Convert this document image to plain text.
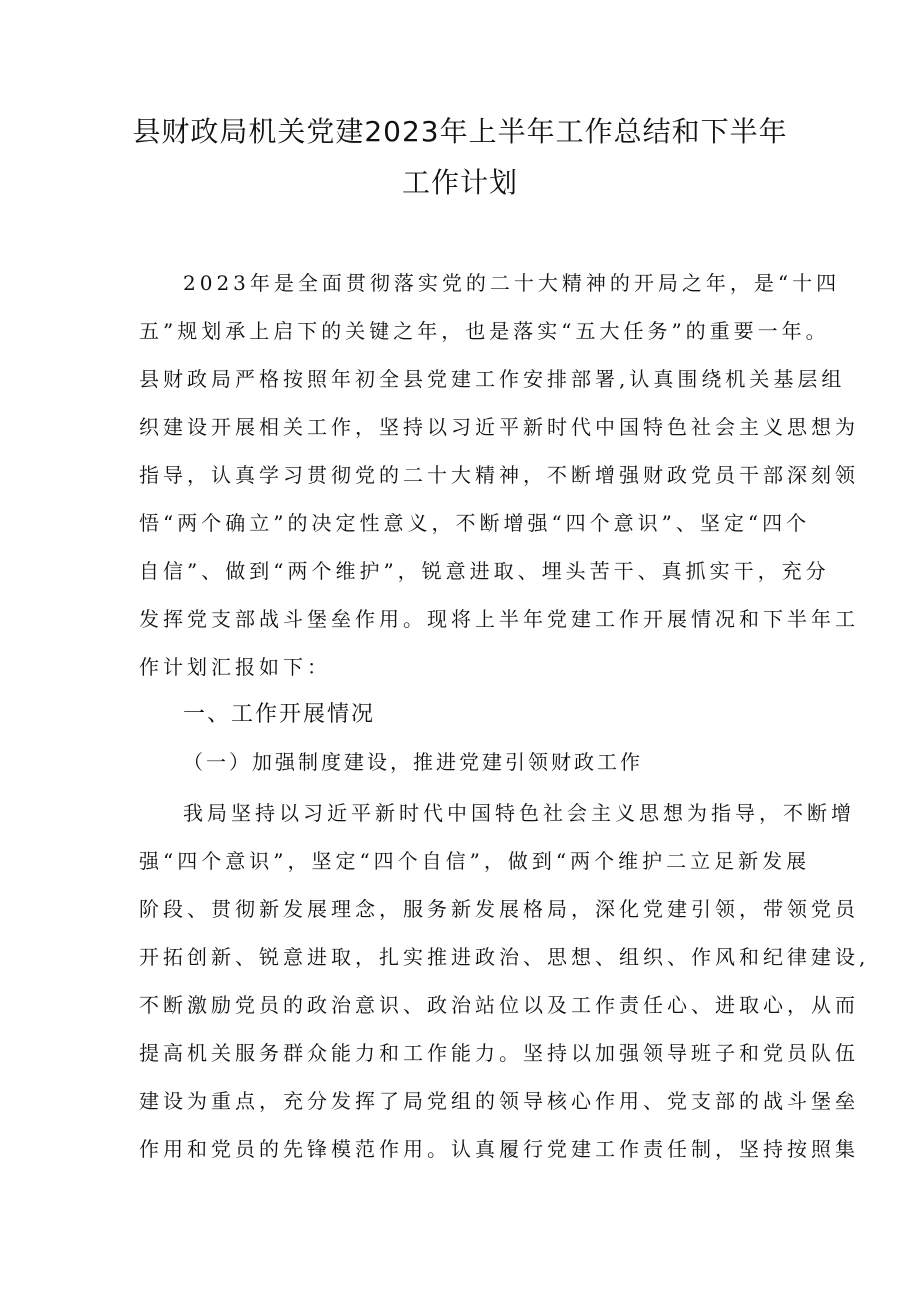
县财政局机关党建2023年上半年工作总结和下半年
工作计划
2023年是全面贯彻落实党的二十大精神的开局之年，是“十四
五”规划承上启下的关键之年，也是落实“五大任务”的重要一年。
县财政局严格按照年初全县党建工作安排部署,认真围绕机关基层组
织建设开展相关工作，坚持以习近平新时代中国特色社会主义思想为
指导，认真学习贯彻党的二十大精神，不断增强财政党员干部深刻领
悟“两个确立”的决定性意义，不断增强“四个意识”、坚定“四个
自信”、做到“两个维护”，锐意进取、埋头苦干、真抓实干，充分
发挥党支部战斗堡垒作用。现将上半年党建工作开展情况和下半年工
作计划汇报如下：
一、工作开展情况
（一）加强制度建设，推进党建引领财政工作
我局坚持以习近平新时代中国特色社会主义思想为指导，不断增
强“四个意识”，坚定“四个自信”，做到“两个维护二立足新发展
阶段、贯彻新发展理念，服务新发展格局，深化党建引领，带领党员
开拓创新、锐意进取，扎实推进政治、思想、组织、作风和纪律建设,
不断激励党员的政治意识、政治站位以及工作责任心、进取心，从而
提高机关服务群众能力和工作能力。坚持以加强领导班子和党员队伍
建设为重点，充分发挥了局党组的领导核心作用、党支部的战斗堡垒
作用和党员的先锋模范作用。认真履行党建工作责任制，坚持按照集
